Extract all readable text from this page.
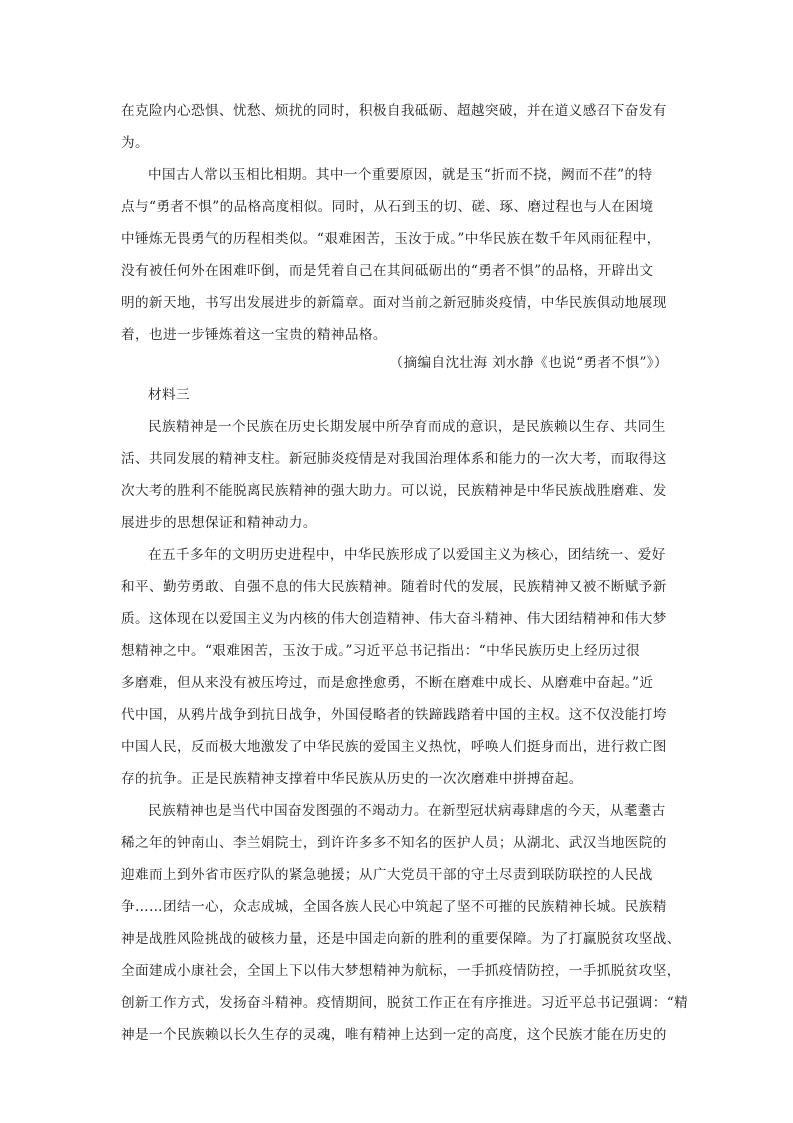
在克险内心恐惧、忧愁、烦扰的同时，积极自我砥砺、超越突破，并在道义感召下奋发有
为。
中国古人常以玉相比相期。其中一个重要原因，就是玉“折而不挠，阙而不荏”的特
点与“勇者不惧”的品格高度相似。同时，从石到玉的切、磋、琢、磨过程也与人在困境
中锤炼无畏勇气的历程相类似。“艰难困苦，玉汝于成。”中华民族在数千年风雨征程中，
没有被任何外在困难吓倒，而是凭着自己在其间砥砺出的“勇者不惧”的品格，开辟出文
明的新天地，书写出发展进步的新篇章。面对当前之新冠肺炎疫情，中华民族俱动地展现
着，也进一步锤炼着这一宝贵的精神品格。
（摘编自沈壮海 刘水静《也说“勇者不惧”》）
材料三
民族精神是一个民族在历史长期发展中所孕育而成的意识，是民族赖以生存、共同生
活、共同发展的精神支柱。新冠肺炎疫情是对我国治理体系和能力的一次大考，而取得这
次大考的胜利不能脱离民族精神的强大助力。可以说，民族精神是中华民族战胜磨难、发
展进步的思想保证和精神动力。
在五千多年的文明历史进程中，中华民族形成了以爱国主义为核心，团结统一、爱好
和平、勤劳勇敢、自强不息的伟大民族精神。随着时代的发展，民族精神又被不断赋予新
质。这体现在以爱国主义为内核的伟大创造精神、伟大奋斗精神、伟大团结精神和伟大梦
想精神之中。“艰难困苦，玉汝于成。”习近平总书记指出：“中华民族历史上经历过很
多磨难，但从来没有被压垮过，而是愈挫愈勇，不断在磨难中成长、从磨难中奋起。”近
代中国，从鸦片战争到抗日战争，外国侵略者的铁蹄践踏着中国的主权。这不仅没能打垮
中国人民，反而极大地激发了中华民族的爱国主义热忱，呼唤人们挺身而出，进行救亡图
存的抗争。正是民族精神支撑着中华民族从历史的一次次磨难中拼搏奋起。
民族精神也是当代中国奋发图强的不竭动力。在新型冠状病毒肆虐的今天，从耄耋古
稀之年的钟南山、李兰娟院士，到许许多多不知名的医护人员；从湖北、武汉当地医院的
迎难而上到外省市医疗队的紧急驰援；从广大党员干部的守土尽责到联防联控的人民战
争……团结一心，众志成城，全国各族人民心中筑起了坚不可摧的民族精神长城。民族精
神是战胜风险挑战的破核力量，还是中国走向新的胜利的重要保障。为了打赢脱贫攻坚战、
全面建成小康社会，全国上下以伟大梦想精神为航标，一手抓疫情防控，一手抓脱贫攻坚，
创新工作方式，发扬奋斗精神。疫情期间，脱贫工作正在有序推进。习近平总书记强调：“精
神是一个民族赖以长久生存的灵魂，唯有精神上达到一定的高度，这个民族才能在历史的
